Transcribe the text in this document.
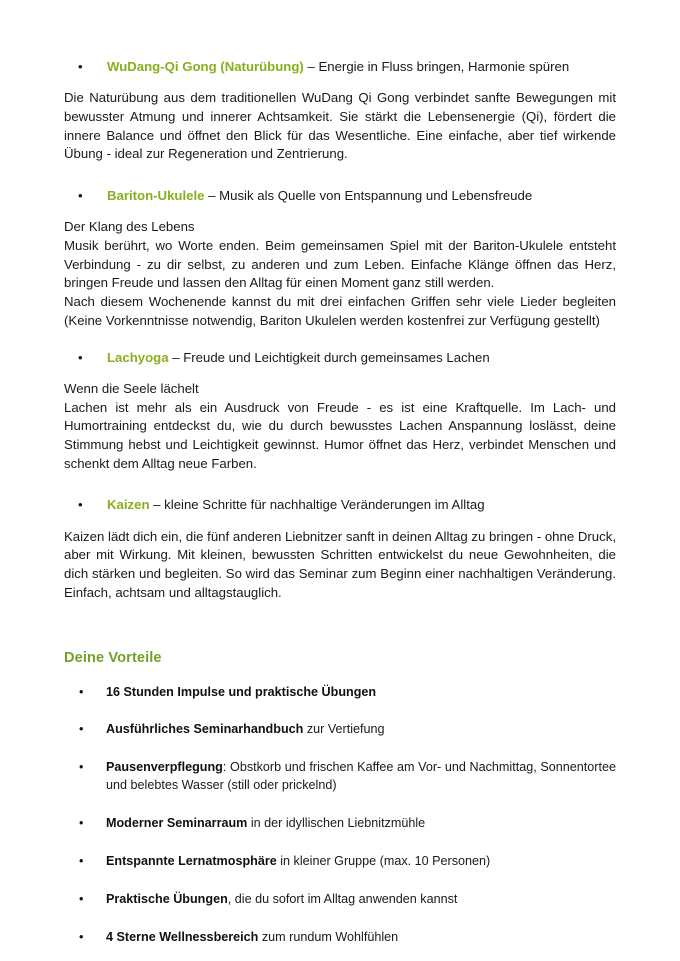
• WuDang-Qi Gong (Naturübung) – Energie in Fluss bringen, Harmonie spüren

Die Naturübung aus dem traditionellen WuDang Qi Gong verbindet sanfte Bewegungen mit bewusster Atmung und innerer Achtsamkeit. Sie stärkt die Lebensenergie (Qi), fördert die innere Balance und öffnet den Blick für das Wesentliche. Eine einfache, aber tief wirkende Übung - ideal zur Regeneration und Zentrierung.

• Bariton-Ukulele – Musik als Quelle von Entspannung und Lebensfreude

Der Klang des Lebens

Musik berührt, wo Worte enden. Beim gemeinsamen Spiel mit der Bariton-Ukulele entsteht Verbindung - zu dir selbst, zu anderen und zum Leben. Einfache Klänge öffnen das Herz, bringen Freude und lassen den Alltag für einen Moment ganz still werden.

Nach diesem Wochenende kannst du mit drei einfachen Griffen sehr viele Lieder begleiten (Keine Vorkenntnisse notwendig, Bariton Ukulelen werden kostenfrei zur Verfügung gestellt)

• Lachyoga – Freude und Leichtigkeit durch gemeinsames Lachen

Wenn die Seele lächelt

Lachen ist mehr als ein Ausdruck von Freude - es ist eine Kraftquelle. Im Lach- und Humortraining entdeckst du, wie du durch bewusstes Lachen Anspannung loslässt, deine Stimmung hebst und Leichtigkeit gewinnst. Humor öffnet das Herz, verbindet Menschen und schenkt dem Alltag neue Farben.

• Kaizen – kleine Schritte für nachhaltige Veränderungen im Alltag

Kaizen lädt dich ein, die fünf anderen Liebnitzer sanft in deinen Alltag zu bringen - ohne Druck, aber mit Wirkung. Mit kleinen, bewussten Schritten entwickelst du neue Gewohnheiten, die dich stärken und begleiten. So wird das Seminar zum Beginn einer nachhaltigen Veränderung. Einfach, achtsam und alltagstauglich.

Deine Vorteile
• 16 Stunden Impulse und praktische Übungen
• Ausführliches Seminarhandbuch zur Vertiefung
• Pausenverpflegung: Obstkorb und frischen Kaffee am Vor- und Nachmittag, Sonnentortee und belebtes Wasser (still oder prickelnd)
• Moderner Seminarraum in der idyllischen Liebnitzmühle
• Entspannte Lernatmosphäre in kleiner Gruppe (max. 10 Personen)
• Praktische Übungen, die du sofort im Alltag anwenden kannst
• 4 Sterne Wellnessbereich zum rundum Wohlfühlen
